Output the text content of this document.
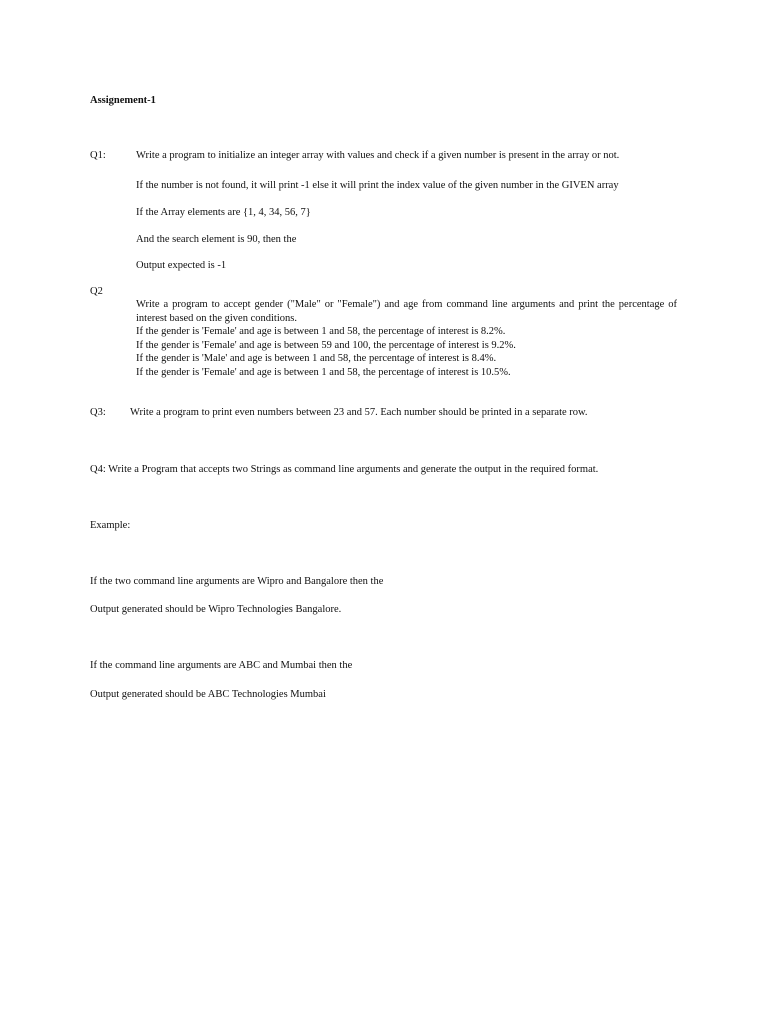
Assignement-1
Q1:	Write a program to initialize an integer array with values and check if a given number is present in the array or not.
If the number is not found, it will print -1 else it will print the index value of the given number in the GIVEN array
If the Array elements are {1, 4, 34, 56, 7}
And the search element is 90, then the
Output expected is -1
Q2
Write a program to accept gender ("Male" or "Female") and age from command line arguments and print the percentage of interest based on the given conditions.
If the gender is 'Female' and age is between 1 and 58, the percentage of interest is 8.2%.
If the gender is 'Female' and age is between 59 and 100, the percentage of interest is 9.2%.
If the gender is 'Male' and age is between 1 and 58, the percentage of interest is 8.4%.
If the gender is 'Female' and age is between 1 and 58, the percentage of interest is 10.5%.
Q3: Write a program to print even numbers between 23 and 57. Each number should be printed in a separate row.
Q4: Write a Program that accepts two Strings as command line arguments and generate the output in the required format.
Example:
If the two command line arguments are Wipro and Bangalore then the
Output generated should be Wipro Technologies Bangalore.
If the command line arguments are ABC and Mumbai then the
Output generated should be ABC Technologies Mumbai
